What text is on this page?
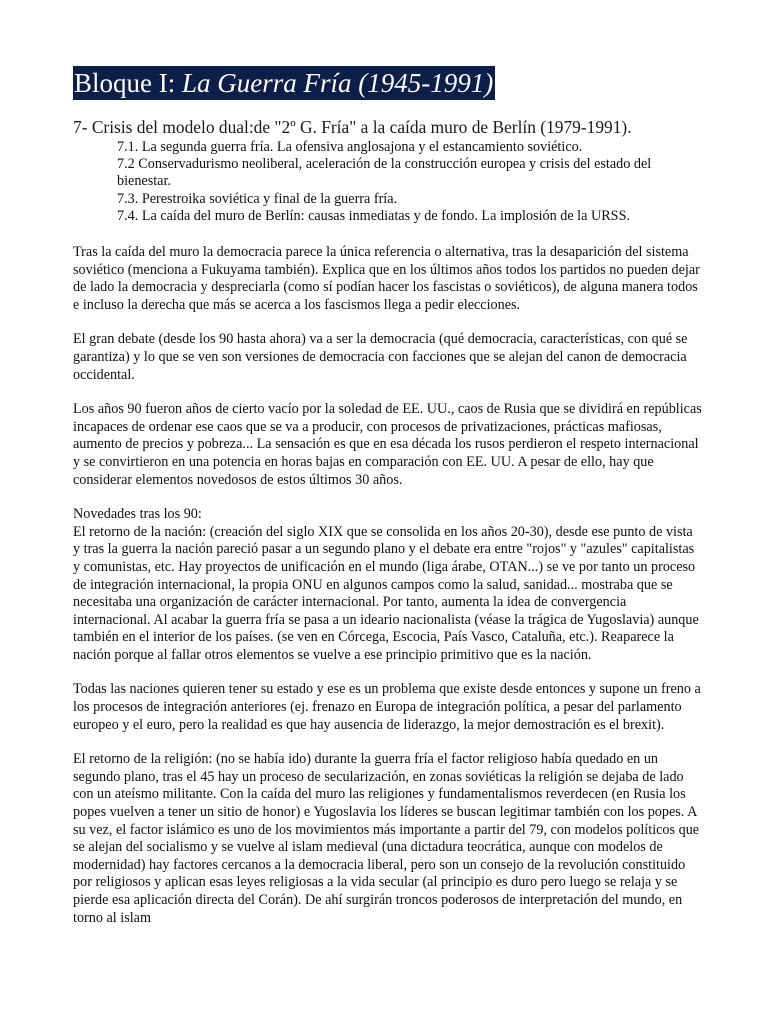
Bloque I: La Guerra Fría (1945-1991)
7- Crisis del modelo dual:de "2º G. Fría" a la caída muro de Berlín (1979-1991).
7.1. La segunda guerra fría. La ofensiva anglosajona y el estancamiento soviético.
7.2 Conservadurismo neoliberal, aceleración de la construcción europea y crisis del estado del bienestar.
7.3. Perestroika soviética y final de la guerra fría.
7.4. La caída del muro de Berlín: causas inmediatas y de fondo. La implosión de la URSS.
Tras la caída del muro la democracia parece la única referencia o alternativa, tras la desaparición del sistema soviético (menciona a Fukuyama también). Explica que en los últimos años todos los partidos no pueden dejar de lado la democracia y despreciarla (como sí podían hacer los fascistas o soviéticos), de alguna manera todos e incluso la derecha que más se acerca a los fascismos llega a pedir elecciones.
El gran debate (desde los 90 hasta ahora) va a ser la democracia (qué democracia, características, con qué se garantiza) y lo que se ven son versiones de democracia con facciones que se alejan del canon de democracia occidental.
Los años 90 fueron años de cierto vacío por la soledad de EE. UU., caos de Rusia que se dividirá en repúblicas incapaces de ordenar ese caos que se va a producir, con procesos de privatizaciones, prácticas mafiosas, aumento de precios y pobreza... La sensación es que en esa década los rusos perdieron el respeto internacional y se convirtieron en una potencia en horas bajas en comparación con EE. UU. A pesar de ello, hay que considerar elementos novedosos de estos últimos 30 años.
Novedades tras los 90:
El retorno de la nación: (creación del siglo XIX que se consolida en los años 20-30), desde ese punto de vista y tras la guerra la nación pareció pasar a un segundo plano y el debate era entre "rojos" y "azules" capitalistas y comunistas, etc. Hay proyectos de unificación en el mundo (liga árabe, OTAN...) se ve por tanto un proceso de integración internacional, la propia ONU en algunos campos como la salud, sanidad... mostraba que se necesitaba una organización de carácter internacional. Por tanto, aumenta la idea de convergencia internacional. Al acabar la guerra fría se pasa a un ideario nacionalista (véase la trágica de Yugoslavia) aunque también en el interior de los países. (se ven en Córcega, Escocia, País Vasco, Cataluña, etc.). Reaparece la nación porque al fallar otros elementos se vuelve a ese principio primitivo que es la nación.
Todas las naciones quieren tener su estado y ese es un problema que existe desde entonces y supone un freno a los procesos de integración anteriores (ej. frenazo en Europa de integración política, a pesar del parlamento europeo y el euro, pero la realidad es que hay ausencia de liderazgo, la mejor demostración es el brexit).
El retorno de la religión: (no se había ido) durante la guerra fría el factor religioso había quedado en un segundo plano, tras el 45 hay un proceso de secularización, en zonas soviéticas la religión se dejaba de lado con un ateísmo militante. Con la caída del muro las religiones y fundamentalismos reverdecen (en Rusia los popes vuelven a tener un sitio de honor) e Yugoslavia los líderes se buscan legitimar también con los popes. A su vez, el factor islámico es uno de los movimientos más importante a partir del 79, con modelos políticos que se alejan del socialismo y se vuelve al islam medieval (una dictadura teocrática, aunque con modelos de modernidad) hay factores cercanos a la democracia liberal, pero son un consejo de la revolución constituido por religiosos y aplican esas leyes religiosas a la vida secular (al principio es duro pero luego se relaja y se pierde esa aplicación directa del Corán). De ahí surgirán troncos poderosos de interpretación del mundo, en torno al islam
